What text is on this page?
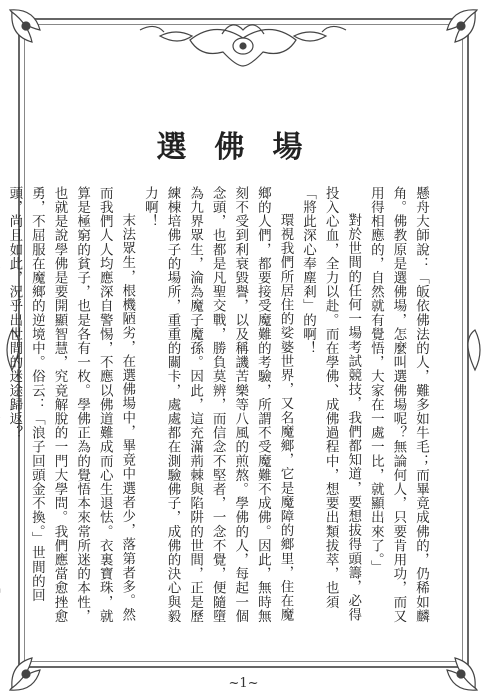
選佛場

懸舟大師說：「皈依佛法的人，難多如牛毛；而畢竟成佛的，仍稀如麟角。佛教原是選佛場，怎麼叫選佛場呢？無論何人，只要肯用功，而又用得相應的，自然就有覺悟，大家在一處一比，就顯出來了。」

對於世間的任何一場考試競技，我們都知道，要想拔得頭籌，必得投入心血，全力以赴。而在學佛、成佛過程中，想要出類拔萃，也須「將此深心奉塵剎」的啊！

環視我們所居住的娑婆世界，又名魔鄉，它是魔障的鄉里，住在魔鄉的人們，都要接受魔難的考驗，所謂不受魔難不成佛。因此，無時無刻不受到利衰毀譽，以及稱譏苦樂等八風的煎熬。學佛的人，每起一個念頭，也都是凡聖交戰，勝負莫辨，而信念不堅者，一念不覺，便隨墮為九界眾生，淪為魔子魔孫。因此，這充滿荊棘與陷阱的世間，正是歷練棟培佛子的場所，重重的關卡，處處都在測驗佛子，成佛的決心與毅力啊！

末法眾生，根機陋劣，在選佛場中，畢竟中選者少，落第者多。然而我們人人均應深自警惕，不應以佛道難成而心生退怯。衣裏寶珠，就算是極窮的貧子，也是各有一枚。學佛正為的覺悟本來常所迷的本性，也就是說學佛是要開顯智慧，究竟解脫的一門大學問。我們應當愈挫愈勇，不屈服在魔鄉的逆境中。俗云：「浪子回頭金不換。」世間的回頭，尚且如此，況乎出世間的迷途歸返？

~1~
